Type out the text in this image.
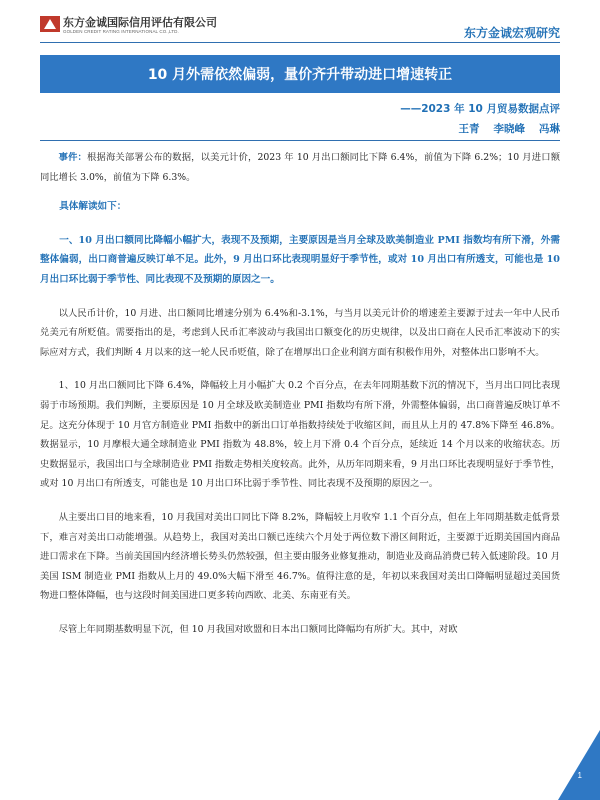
东方金诚国际信用评估有限公司
GOLDEN CREDIT RATING INTERNATIONAL CO.,LTD.	东方金诚宏观研究
10 月外需依然偏弱，量价齐升带动进口增速转正
——2023 年 10 月贸易数据点评
王青 李晓峰 冯琳

事件：根据海关部署公布的数据，以美元计价，2023 年 10 月出口额同比下降 6.4%，前值为下降 6.2%；10 月进口额同比增长 3.0%，前值为下降 6.3%。

具体解读如下：

一、10 月出口额同比降幅小幅扩大，表现不及预期，主要原因是当月全球及欧美制造业 PMI 指数均有所下滑，外需整体偏弱，出口商普遍反映订单不足。此外，9 月出口环比表现明显好于季节性，或对 10 月出口有所透支，可能也是 10 月出口环比弱于季节性、同比表现不及预期的原因之一。

以人民币计价，10 月进、出口额同比增速分别为 6.4%和-3.1%，与当月以美元计价的增速差主要源于过去一年中人民币兑美元有所贬值。需要指出的是，考虑到人民币汇率波动与我国出口额变化的历史规律，以及出口商在人民币汇率波动下的实际应对方式，我们判断 4 月以来的这一轮人民币贬值，除了在增厚出口企业利润方面有积极作用外，对整体出口影响不大。

1、10 月出口额同比下降 6.4%，降幅较上月小幅扩大 0.2 个百分点，在去年同期基数下沉的情况下，当月出口同比表现弱于市场预期。我们判断，主要原因是 10 月全球及欧美制造业 PMI 指数均有所下滑，外需整体偏弱，出口商普遍反映订单不足。这充分体现于 10 月官方制造业 PMI 指数中的新出口订单指数持续处于收缩区间，而且从上月的 47.8%下降至 46.8%。数据显示，10 月摩根大通全球制造业 PMI 指数为 48.8%，较上月下滑 0.4 个百分点，延续近 14 个月以来的收缩状态。历史数据显示，我国出口与全球制造业 PMI 指数走势相关度较高。此外，从历年同期来看，9 月出口环比表现明显好于季节性，或对 10 月出口有所透支，可能也是 10 月出口环比弱于季节性、同比表现不及预期的原因之一。

从主要出口目的地来看，10 月我国对美出口同比下降 8.2%，降幅较上月收窄 1.1 个百分点，但在上年同期基数走低背景下，难言对美出口动能增强。从趋势上，我国对美出口额已连续六个月处于两位数下滑区间附近，主要源于近期美国国内商品进口需求在下降。当前美国国内经济增长势头仍然较强，但主要由服务业修复推动，制造业及商品消费已转入低速阶段。10 月美国 ISM 制造业 PMI 指数从上月的 49.0%大幅下滑至 46.7%。值得注意的是，年初以来我国对美出口降幅明显超过美国货物进口整体降幅，也与这段时间美国进口更多转向西欧、北美、东南亚有关。

尽管上年同期基数明显下沉，但 10 月我国对欧盟和日本出口额同比降幅均有所扩大。其中，对欧

1
